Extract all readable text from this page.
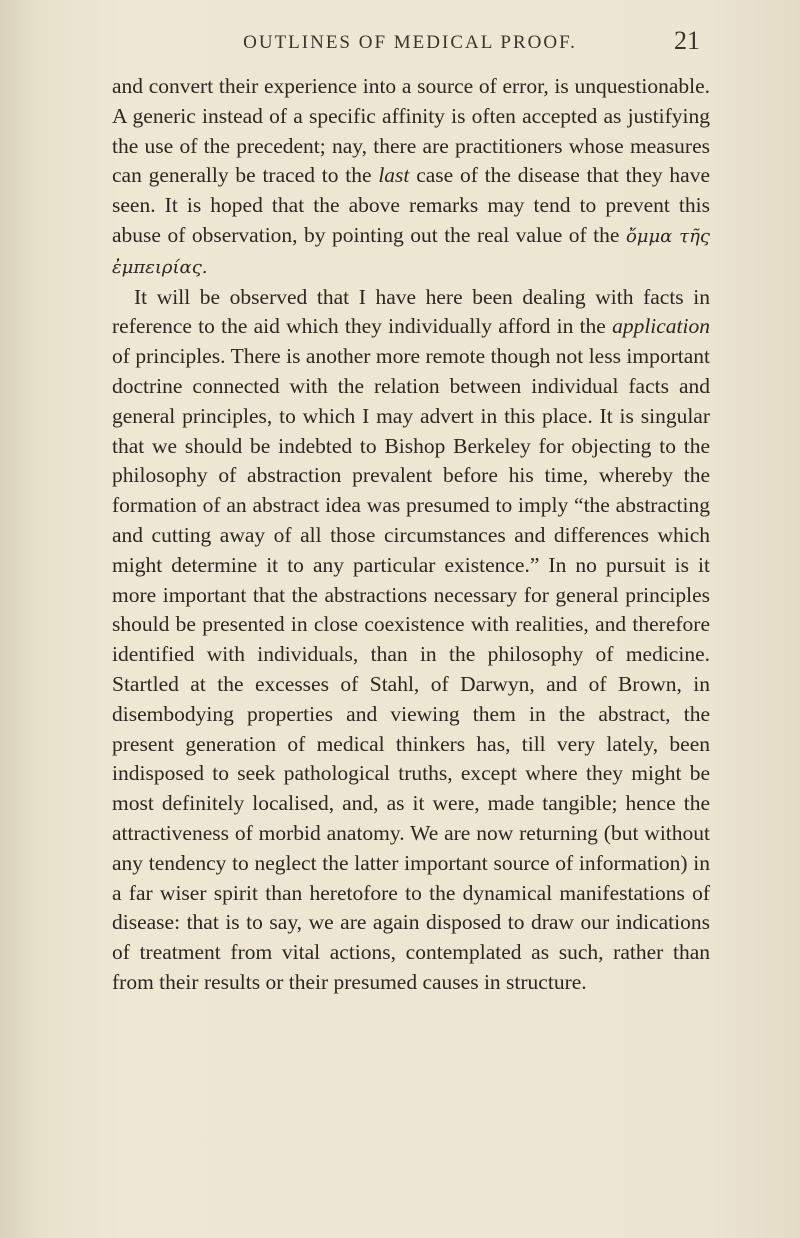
OUTLINES OF MEDICAL PROOF.	21

and convert their experience into a source of error, is unquestionable. A generic instead of a specific affinity is often accepted as justifying the use of the precedent; nay, there are practitioners whose measures can generally be traced to the last case of the disease that they have seen. It is hoped that the above remarks may tend to prevent this abuse of observation, by pointing out the real value of the ὄμμα τῆς ἐμπειρίας.

It will be observed that I have here been dealing with facts in reference to the aid which they individually afford in the application of principles. There is another more remote though not less important doctrine connected with the relation between individual facts and general principles, to which I may advert in this place. It is singular that we should be indebted to Bishop Berkeley for objecting to the philosophy of abstraction prevalent before his time, whereby the formation of an abstract idea was presumed to imply “the abstracting and cutting away of all those circumstances and differences which might determine it to any particular existence.” In no pursuit is it more important that the abstractions necessary for general principles should be presented in close coexistence with realities, and therefore identified with individuals, than in the philosophy of medicine. Startled at the excesses of Stahl, of Darwyn, and of Brown, in disembodying properties and viewing them in the abstract, the present generation of medical thinkers has, till very lately, been indisposed to seek pathological truths, except where they might be most definitely localised, and, as it were, made tangible; hence the attractiveness of morbid anatomy. We are now returning (but without any tendency to neglect the latter important source of information) in a far wiser spirit than heretofore to the dynamical manifestations of disease: that is to say, we are again disposed to draw our indications of treatment from vital actions, contemplated as such, rather than from their results or their presumed causes in structure.
